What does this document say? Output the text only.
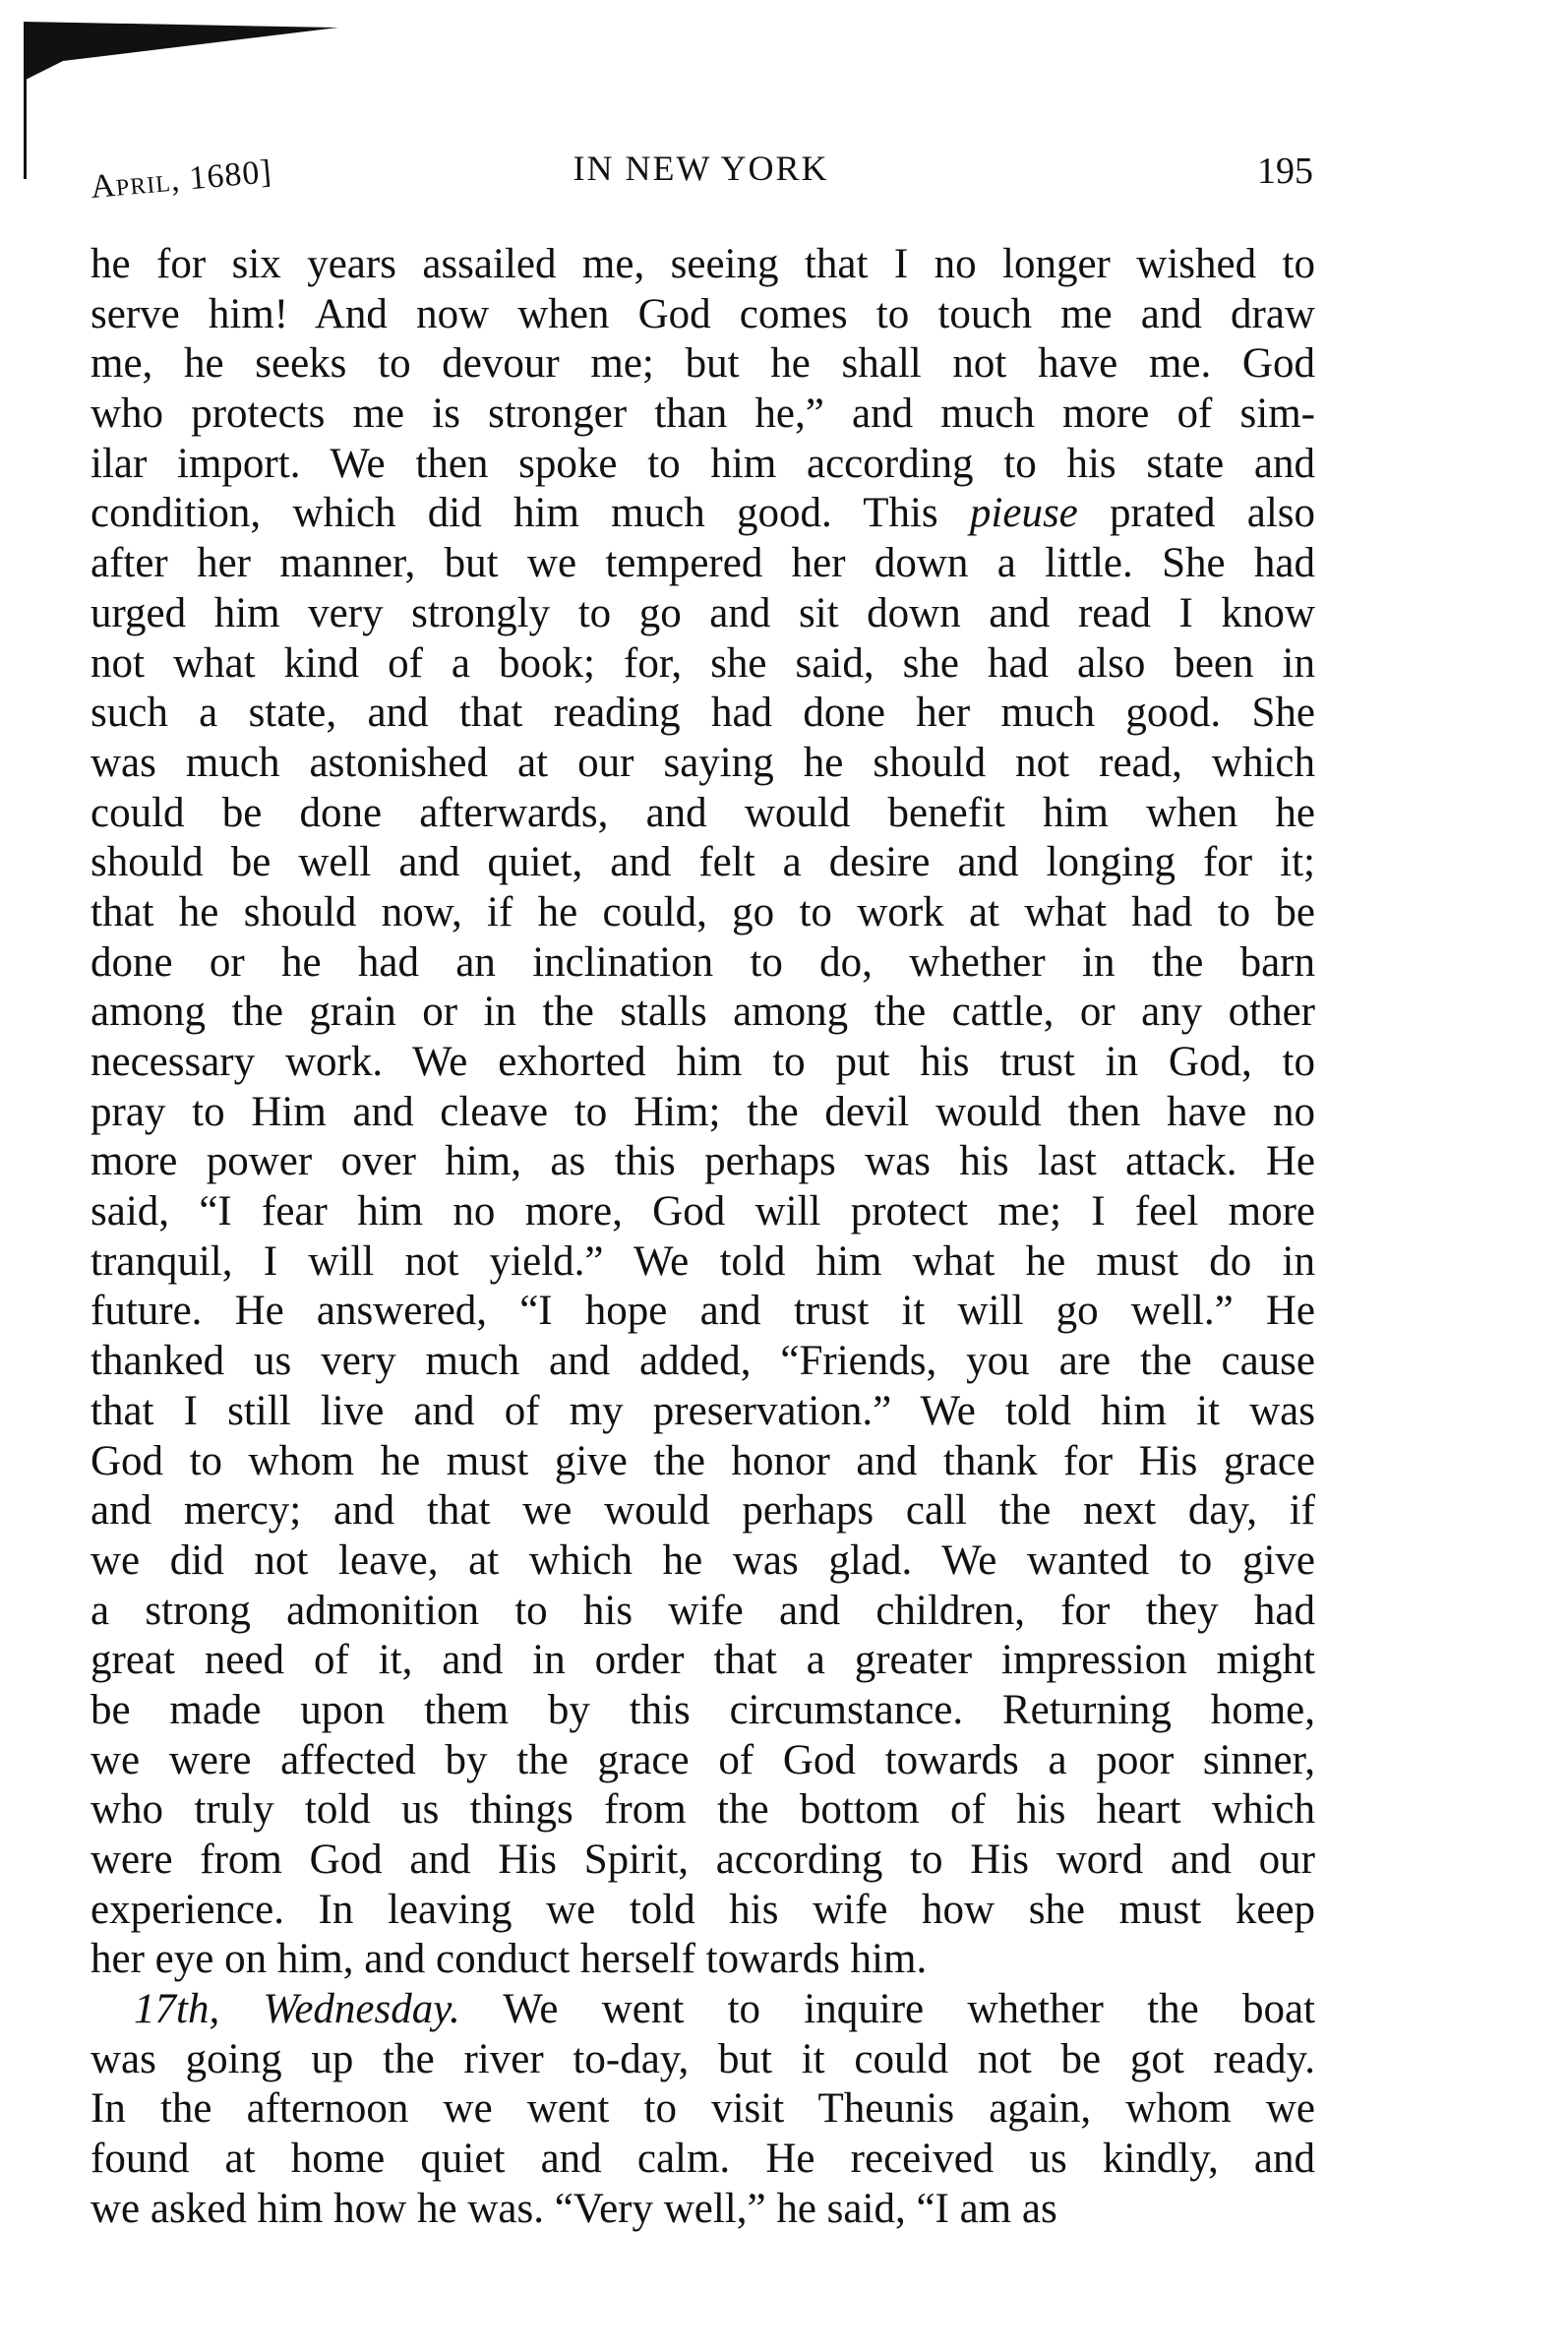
April, 1680]	IN NEW YORK	195
he for six years assailed me, seeing that I no longer wished to
serve him! And now when God comes to touch me and draw
me, he seeks to devour me; but he shall not have me. God
who protects me is stronger than he,” and much more of sim-
ilar import. We then spoke to him according to his state and
condition, which did him much good. This pieuse prated also
after her manner, but we tempered her down a little. She had
urged him very strongly to go and sit down and read I know
not what kind of a book; for, she said, she had also been in
such a state, and that reading had done her much good. She
was much astonished at our saying he should not read, which
could be done afterwards, and would benefit him when he
should be well and quiet, and felt a desire and longing for it;
that he should now, if he could, go to work at what had to be
done or he had an inclination to do, whether in the barn
among the grain or in the stalls among the cattle, or any other
necessary work. We exhorted him to put his trust in God, to
pray to Him and cleave to Him; the devil would then have no
more power over him, as this perhaps was his last attack. He
said, “I fear him no more, God will protect me; I feel more
tranquil, I will not yield.” We told him what he must do in
future. He answered, “I hope and trust it will go well.” He
thanked us very much and added, “Friends, you are the cause
that I still live and of my preservation.” We told him it was
God to whom he must give the honor and thank for His grace
and mercy; and that we would perhaps call the next day, if
we did not leave, at which he was glad. We wanted to give
a strong admonition to his wife and children, for they had
great need of it, and in order that a greater impression might
be made upon them by this circumstance. Returning home,
we were affected by the grace of God towards a poor sinner,
who truly told us things from the bottom of his heart which
were from God and His Spirit, according to His word and our
experience. In leaving we told his wife how she must keep
her eye on him, and conduct herself towards him.
17th, Wednesday. We went to inquire whether the boat
was going up the river to-day, but it could not be got ready.
In the afternoon we went to visit Theunis again, whom we
found at home quiet and calm. He received us kindly, and
we asked him how he was. “Very well,” he said, “I am as
